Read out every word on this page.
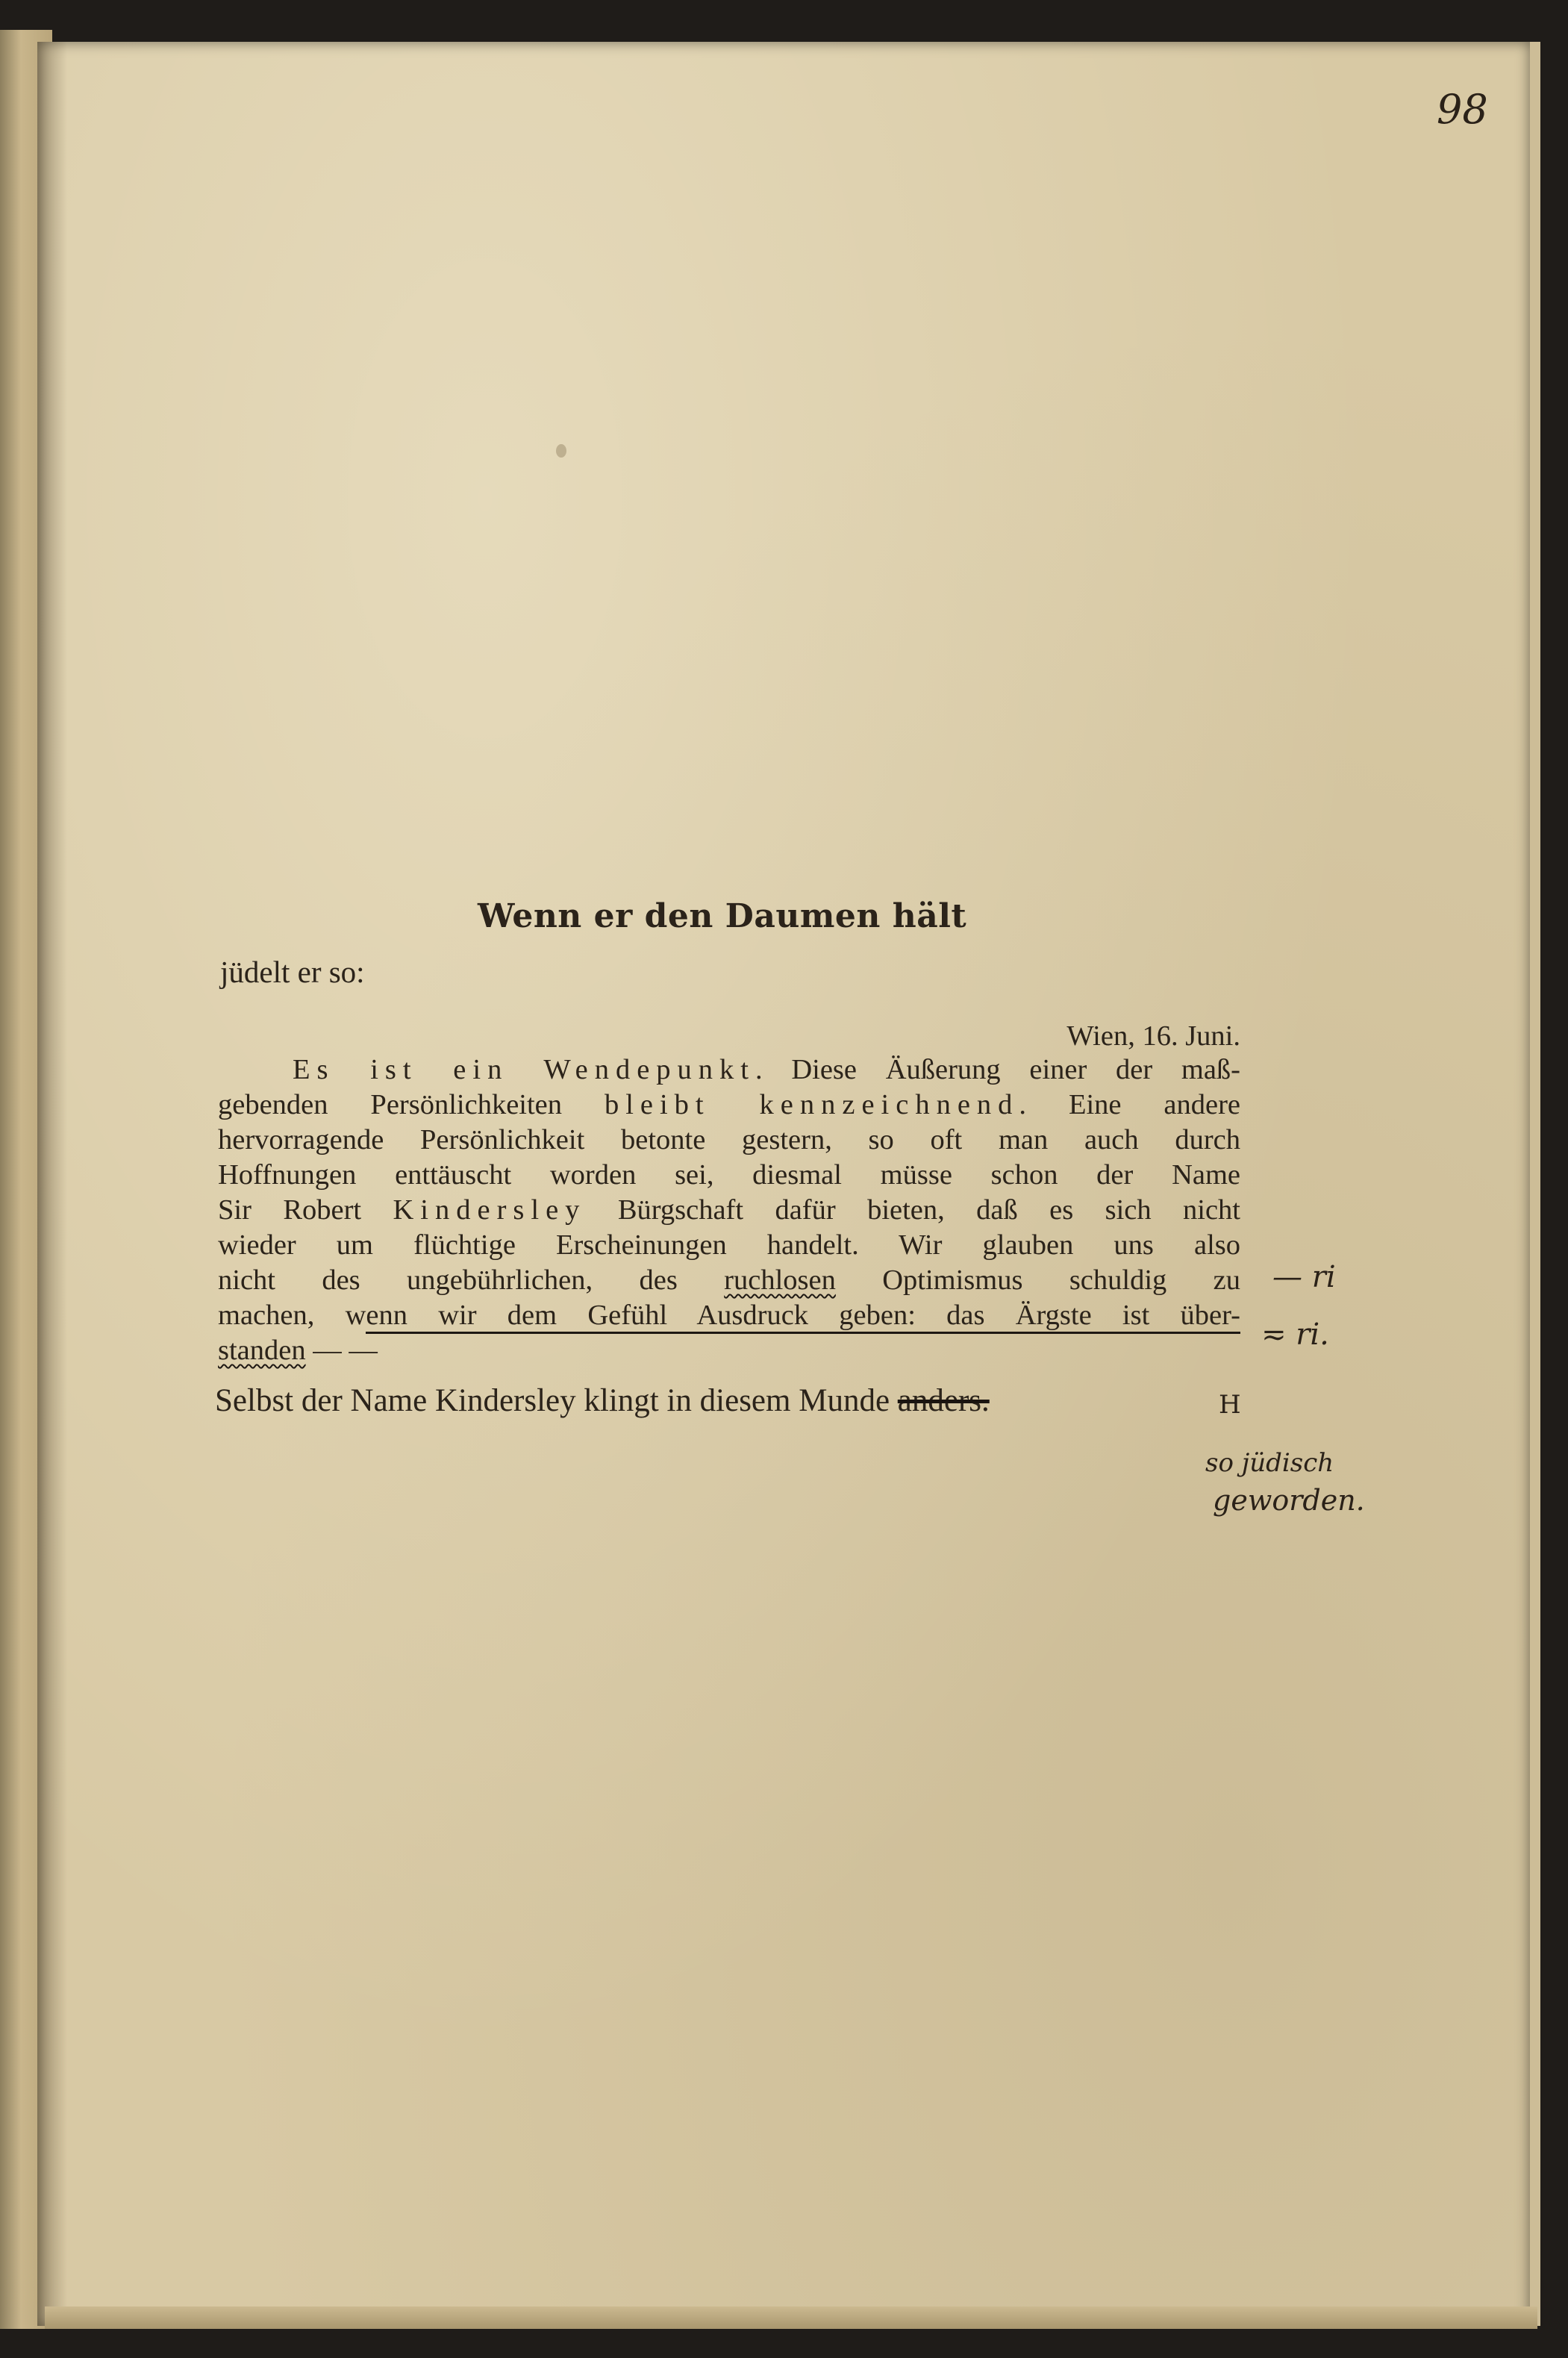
98
Wenn er den Daumen hält
jüdelt er so:
Wien, 16. Juni.
Es ist ein Wendepunkt. Diese Äußerung einer der maß-
gebenden Persönlichkeiten bleibt kennzeichnend. Eine andere
hervorragende Persönlichkeit betonte gestern, so oft man auch durch
Hoffnungen enttäuscht worden sei, diesmal müsse schon der Name
Sir Robert Kindersley Bürgschaft dafür bieten, daß es sich nicht
wieder um flüchtige Erscheinungen handelt. Wir glauben uns also
nicht des ungebührlichen, des ruchlosen Optimismus schuldig zu
machen, wenn wir dem Gefühl Ausdruck geben: das Ärgste ist über-
standen — —
Selbst der Name Kindersley klingt in diesem Munde anders.
— ri
≂ ri.
H
so jüdisch
geworden.
